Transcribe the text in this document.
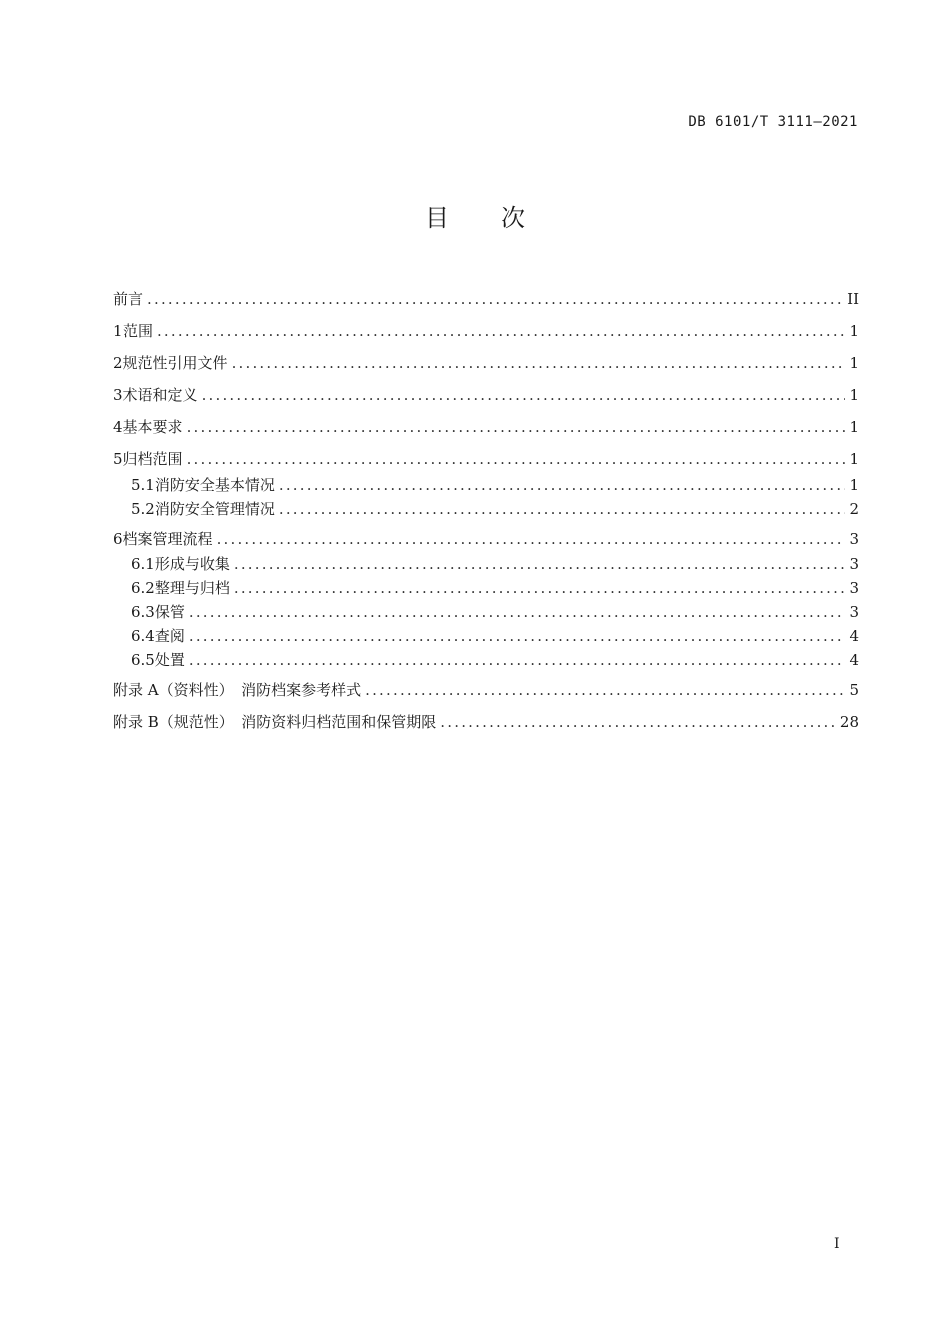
DB 6101/T 3111—2021
目次
前言 .....	II
1 范围 .....	1
2 规范性引用文件 .....	1
3 术语和定义 .....	1
4 基本要求 .....	1
5 归档范围 .....	1
5.1 消防安全基本情况 .....	1
5.2 消防安全管理情况 .....	2
6 档案管理流程 .....	3
6.1 形成与收集 .....	3
6.2 整理与归档 .....	3
6.3 保管 .....	3
6.4 查阅 .....	4
6.5 处置 .....	4
附录 A（资料性）　消防档案参考样式 .....	5
附录 B（规范性）　消防资料归档范围和保管期限 .....	28
I
